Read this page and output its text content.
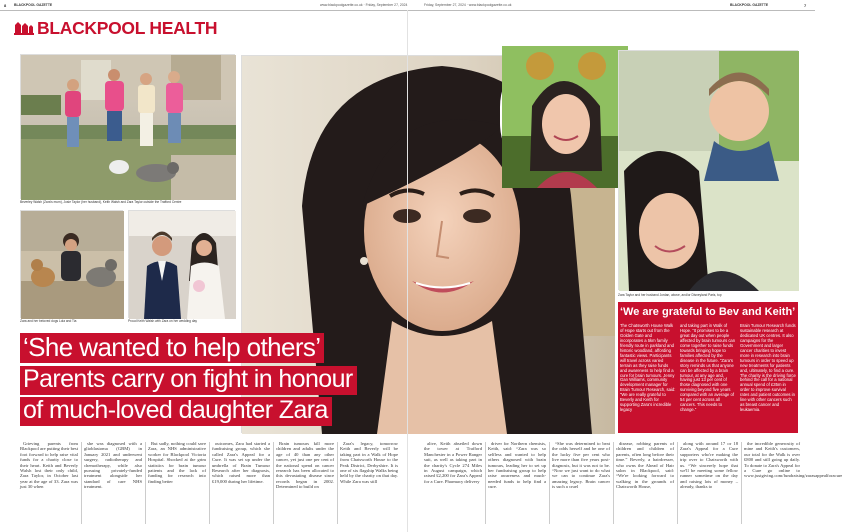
8 BLACKPOOL GAZETTE	www.blackpoolgazette.co.uk · Friday, September 27, 2024	Friday, September 27, 2024 · www.blackpoolgazette.co.uk	BLACKPOOL GAZETTE	7
BLACKPOOL HEALTH
Beverley Walsh (Zara's mum), Josie Taylor (her husband), Keith Walsh and Zara Taylor outside the Trafford Centre
Zara and her beloved dogs Lola and Tia	Proud Keith Walsh with Zara on her wedding day
Zara Taylor and her husband Jordan, above, and/or Disneyland Paris, top
‘She wanted to help others’
Parents carry on fight in honour
of much-loved daughter Zara
‘We are grateful to Bev and Keith’

The Chatsworth House Walk of Hope starts out from the Golden Gate and incorporates a 5km family friendly route in parkland and historic woodland, affording fantastic views. Participants will travel across varied terrain as they raise funds and awareness to help find a cure for brain tumours. Jenny Gan Williams, community development manager for Brain Tumour Research, said: “We are really grateful to Beverly and Keith for supporting Zara's incredible legacy

and taking part in Walk of Hope. “It promises to be a great day out when people affected by brain tumours can come together to raise funds towards bringing hope to families affected by the disease in the future. “Zara's story reminds us that anyone can be affected by a brain tumour, at any age and, having just 13 per cent of those diagnosed with one surviving beyond five years compared with an average of 54 per cent across all cancers. This needs to change.”

Brain Tumour Research funds sustainable research at dedicated UK centres. It also campaigns for the Government and larger cancer charities to invest more in research into brain tumours in order to speed up new treatments for patients and, ultimately, to find a cure. The charity is the driving force behind the call for a national annual spend of £35m in order to improve survival rates and patient outcomes in line with other cancers such as breast cancer and leukaemia.

Grieving parents from Blackpool are putting their best foot forward to help raise vital funds for a charity close to their heart. Keith and Beverly Walsh lost their only child, Zara Taylor, in October last year at the age of 33. Zara was just 30 when

she was diagnosed with a glioblastoma (GBM) in January 2021 and underwent surgery, radiotherapy and chemotherapy, while also pursuing privately-funded treatment alongside her standard of care NHS treatment.

But sadly, nothing could save Zara, an NHS administrative worker for Blackpool Victoria Hospital. Shocked at the grim statistics for brain tumour patients and the lack of funding for research into finding better

outcomes, Zara had started a fundraising group, which she called Zara's Appeal for a Cure. It was set up under the umbrella of Brain Tumour Research after her diagnosis, which raised more than £19,000 during her lifetime.

Brain tumours kill more children and adults under the age of 40 than any other cancer, yet just one per cent of the national spend on cancer research has been allocated to this devastating disease since records began in 2002. Determined to build on

Zara's legacy, tomorrow Keith and Beverly will be taking part in a Walk of Hope from Chatsworth House to the Peak District, Derbyshire. It is one of six flagship Walks being held by the charity on that day. While Zara was still

alive, Keith abseiled down the tower at Trafford Manchester in a Power Ranger suit, as well as taking part in the charity's Cycle 274 Miles in August campaign, which raised £2,200 for Zara's Appeal for a Cure. Pharmacy delivery

driver for Northern chemists, Keith, said: “Zara was so selfless and wanted to help others diagnosed with brain tumours, leading her to set up her fundraising group to help raise awareness and much-needed funds to help find a cure.

“She was determined to beat the odds herself and be one of the lucky five per cent who live more than five years post-diagnosis, but it was not to be. “Now we just want to do what we can to continue Zara's amazing legacy. Brain cancer is such a cruel

disease, robbing parents of children and children of parents, often long before their time.” Beverly, a hairdresser, who owns the Ahead of Hair salon in Blackpool, said: “We're looking forward to walking in the grounds of Chatsworth House,

along with around 17 or 18 Zara's Appeal for a Cure supporters who're making the trip over to Chatsworth with us. “We sincerely hope that we'll be meeting some fellow runner sometime on the day and raising lots of money – already, thanks to

the incredible generosity of mine and Keith's customers, our total for the Walk is over £800 and still going up daily. To donate to Zara's Appeal for a Cure go online to www.justgiving.com/fundraising/zarasappealforacure
